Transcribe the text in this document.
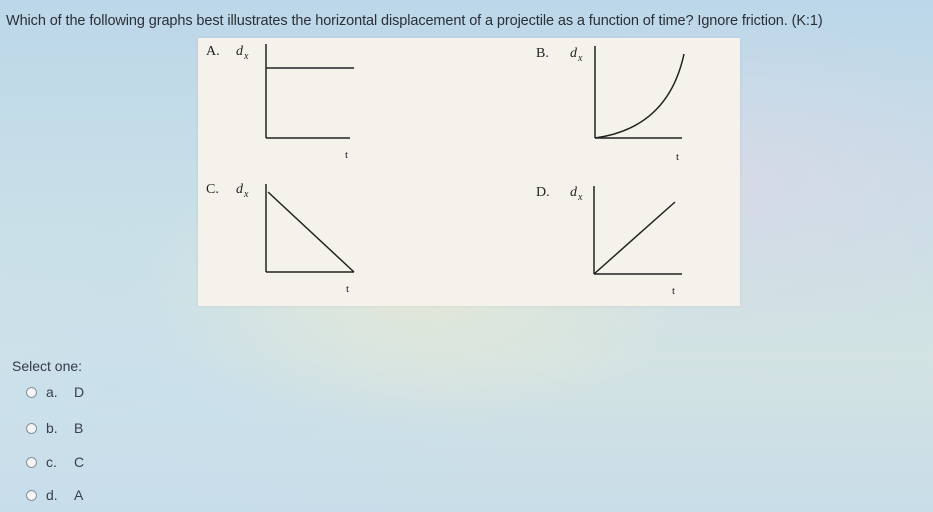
Which of the following graphs best illustrates the horizontal displacement of a projectile as a function of time? Ignore friction. (K:1)
A. d x
t
B. d x
t
C. d x
t
D. d x
t
Select one:
a.	D
b.	B
c.	C
d.	A
